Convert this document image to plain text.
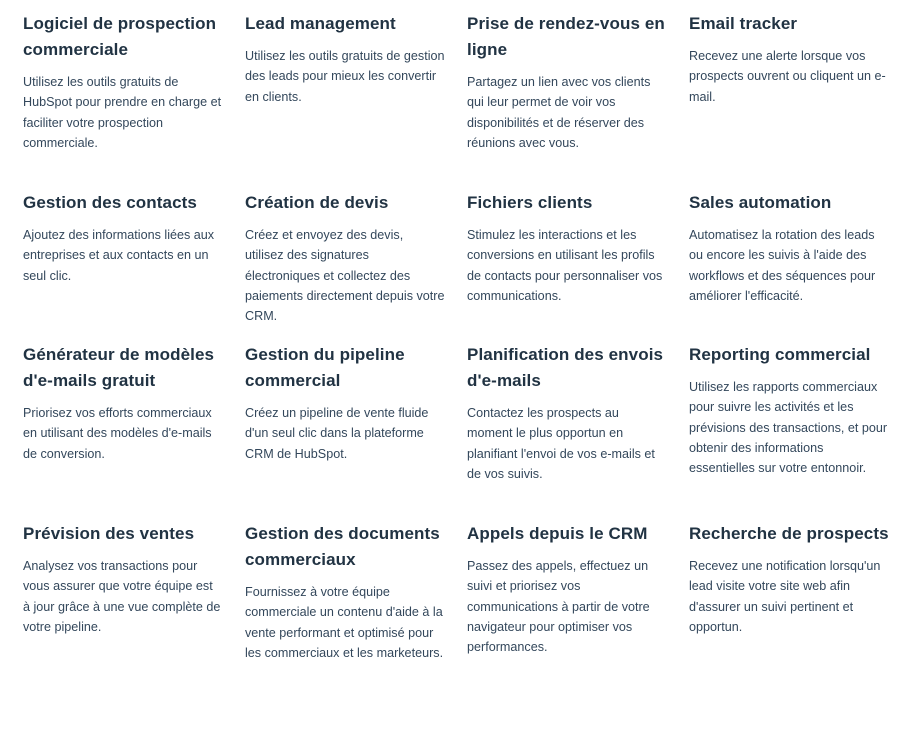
Logiciel de prospection commerciale

Utilisez les outils gratuits de HubSpot pour prendre en charge et faciliter votre prospection commerciale.

Lead management

Utilisez les outils gratuits de gestion des leads pour mieux les convertir en clients.

Prise de rendez-vous en ligne

Partagez un lien avec vos clients qui leur permet de voir vos disponibilités et de réserver des réunions avec vous.

Email tracker

Recevez une alerte lorsque vos prospects ouvrent ou cliquent un e-mail.

Gestion des contacts

Ajoutez des informations liées aux entreprises et aux contacts en un seul clic.

Création de devis

Créez et envoyez des devis, utilisez des signatures électroniques et collectez des paiements directement depuis votre CRM.

Fichiers clients

Stimulez les interactions et les conversions en utilisant les profils de contacts pour personnaliser vos communications.

Sales automation

Automatisez la rotation des leads ou encore les suivis à l'aide des workflows et des séquences pour améliorer l'efficacité.

Générateur de modèles d'e-mails gratuit

Priorisez vos efforts commerciaux en utilisant des modèles d'e-mails de conversion.

Gestion du pipeline commercial

Créez un pipeline de vente fluide d'un seul clic dans la plateforme CRM de HubSpot.

Planification des envois d'e-mails

Contactez les prospects au moment le plus opportun en planifiant l'envoi de vos e-mails et de vos suivis.

Reporting commercial

Utilisez les rapports commerciaux pour suivre les activités et les prévisions des transactions, et pour obtenir des informations essentielles sur votre entonnoir.

Prévision des ventes

Analysez vos transactions pour vous assurer que votre équipe est à jour grâce à une vue complète de votre pipeline.

Gestion des documents commerciaux

Fournissez à votre équipe commerciale un contenu d'aide à la vente performant et optimisé pour les commerciaux et les marketeurs.

Appels depuis le CRM

Passez des appels, effectuez un suivi et priorisez vos communications à partir de votre navigateur pour optimiser vos performances.

Recherche de prospects

Recevez une notification lorsqu'un lead visite votre site web afin d'assurer un suivi pertinent et opportun.
